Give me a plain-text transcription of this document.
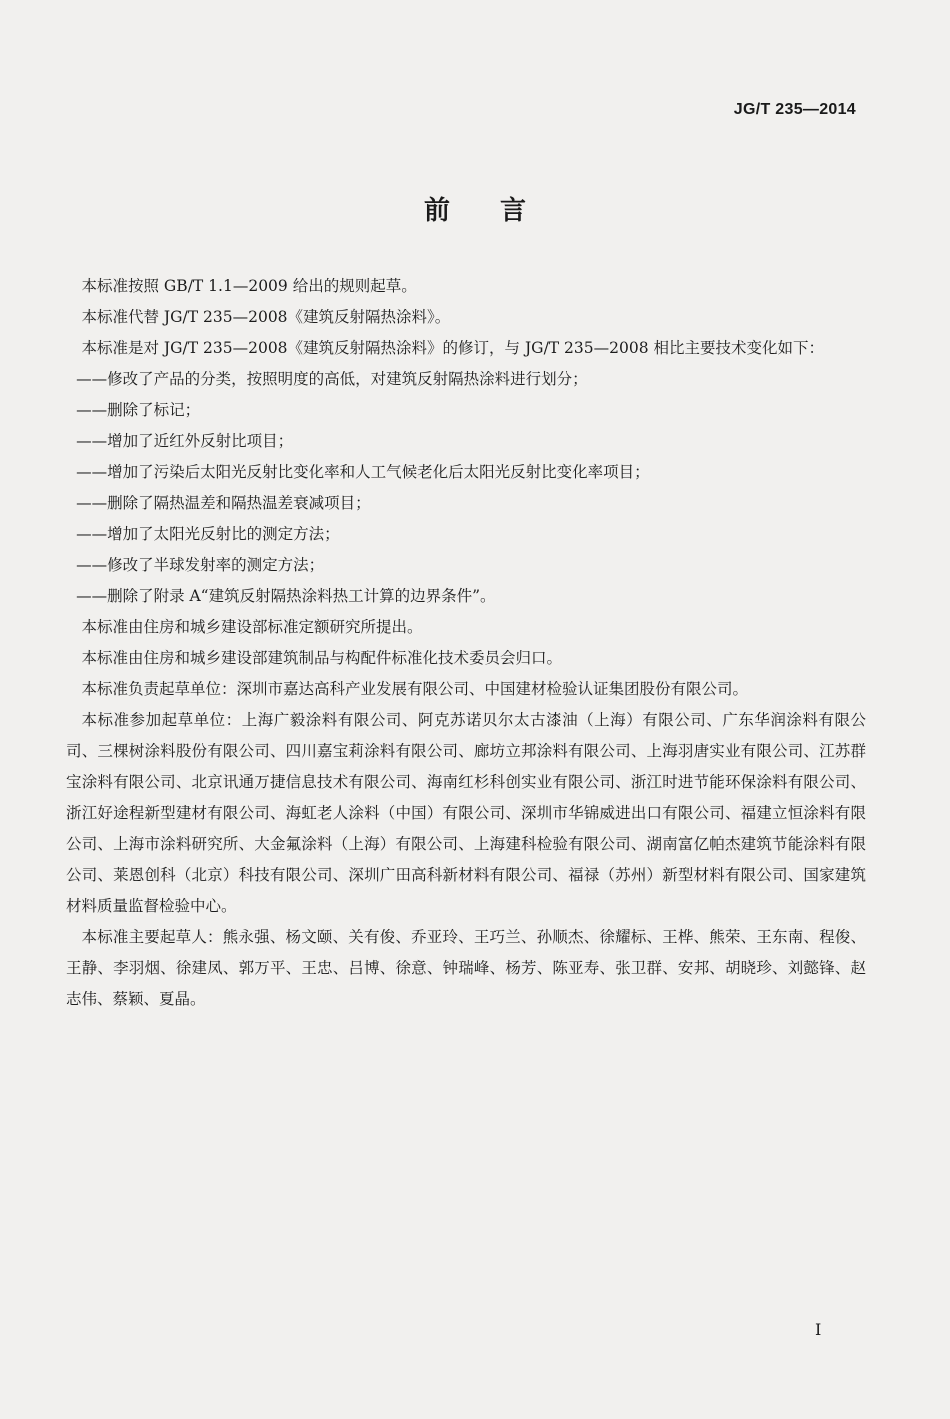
JG/T 235—2014
前言

本标准按照 GB/T 1.1—2009 给出的规则起草。

本标准代替 JG/T 235—2008《建筑反射隔热涂料》。

本标准是对 JG/T 235—2008《建筑反射隔热涂料》的修订，与 JG/T 235—2008 相比主要技术变化如下：

——修改了产品的分类，按照明度的高低，对建筑反射隔热涂料进行划分；

——删除了标记；

——增加了近红外反射比项目；

——增加了污染后太阳光反射比变化率和人工气候老化后太阳光反射比变化率项目；

——删除了隔热温差和隔热温差衰减项目；

——增加了太阳光反射比的测定方法；

——修改了半球发射率的测定方法；

——删除了附录 A“建筑反射隔热涂料热工计算的边界条件”。

本标准由住房和城乡建设部标准定额研究所提出。

本标准由住房和城乡建设部建筑制品与构配件标准化技术委员会归口。

本标准负责起草单位：深圳市嘉达高科产业发展有限公司、中国建材检验认证集团股份有限公司。

本标准参加起草单位：上海广毅涂料有限公司、阿克苏诺贝尔太古漆油（上海）有限公司、广东华润涂料有限公司、三棵树涂料股份有限公司、四川嘉宝莉涂料有限公司、廊坊立邦涂料有限公司、上海羽唐实业有限公司、江苏群宝涂料有限公司、北京讯通万捷信息技术有限公司、海南红杉科创实业有限公司、浙江时进节能环保涂料有限公司、浙江好途程新型建材有限公司、海虹老人涂料（中国）有限公司、深圳市华锦威进出口有限公司、福建立恒涂料有限公司、上海市涂料研究所、大金氟涂料（上海）有限公司、上海建科检验有限公司、湖南富亿帕杰建筑节能涂料有限公司、莱恩创科（北京）科技有限公司、深圳广田高科新材料有限公司、福禄（苏州）新型材料有限公司、国家建筑材料质量监督检验中心。

本标准主要起草人：熊永强、杨文颐、关有俊、乔亚玲、王巧兰、孙顺杰、徐耀标、王桦、熊荣、王东南、程俊、王静、李羽烟、徐建凤、郭万平、王忠、吕博、徐意、钟瑞峰、杨芳、陈亚寿、张卫群、安邦、胡晓珍、刘懿锋、赵志伟、蔡颖、夏晶。

I
